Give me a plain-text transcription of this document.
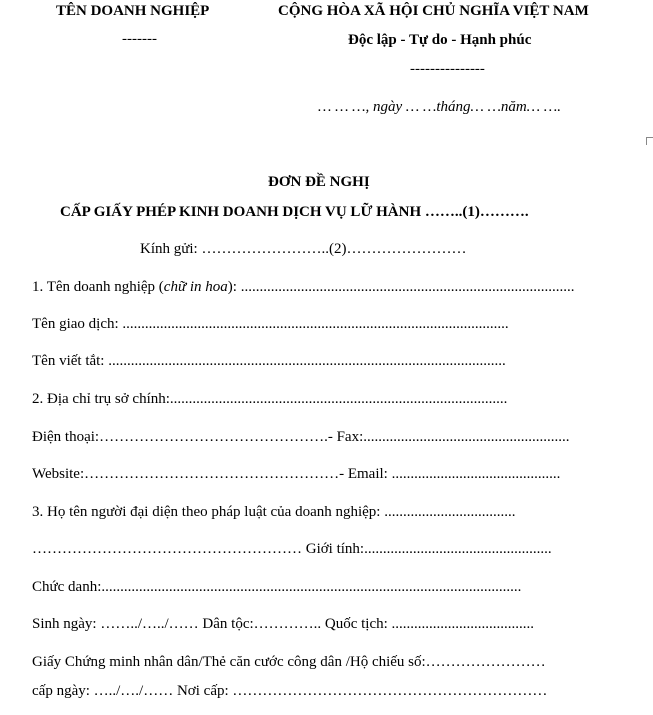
TÊN DOANH NGHIỆP
-------
CỘNG HÒA XÃ HỘI CHỦ NGHĨA VIỆT NAM
Độc lập - Tự do - Hạnh phúc
---------------
… … …, ngày … …tháng… …năm… ….
ĐƠN ĐỀ NGHỊ
CẤP GIẤY PHÉP KINH DOANH DỊCH VỤ LỮ HÀNH ……..(1)……….
Kính gửi: ……………………..(2)……………………
1. Tên doanh nghiệp (chữ in hoa): .........................................................................................
Tên giao dịch: .......................................................................................................
Tên viết tắt: ..........................................................................................................
2. Địa chỉ trụ sở chính:..........................................................................................
Điện thoại:……………………………………….- Fax:.......................................................
Website:……………………………………………- Email: .............................................
3. Họ tên người đại diện theo pháp luật của doanh nghiệp: ...................................
……………………………………………… Giới tính:..................................................
Chức danh:................................................................................................................
Sinh ngày: ……../…../…… Dân tộc:………….. Quốc tịch: ......................................
Giấy Chứng minh nhân dân/Thẻ căn cước công dân /Hộ chiếu số:……………………
cấp ngày: …../…./…… Nơi cấp: ………………………………………………………
